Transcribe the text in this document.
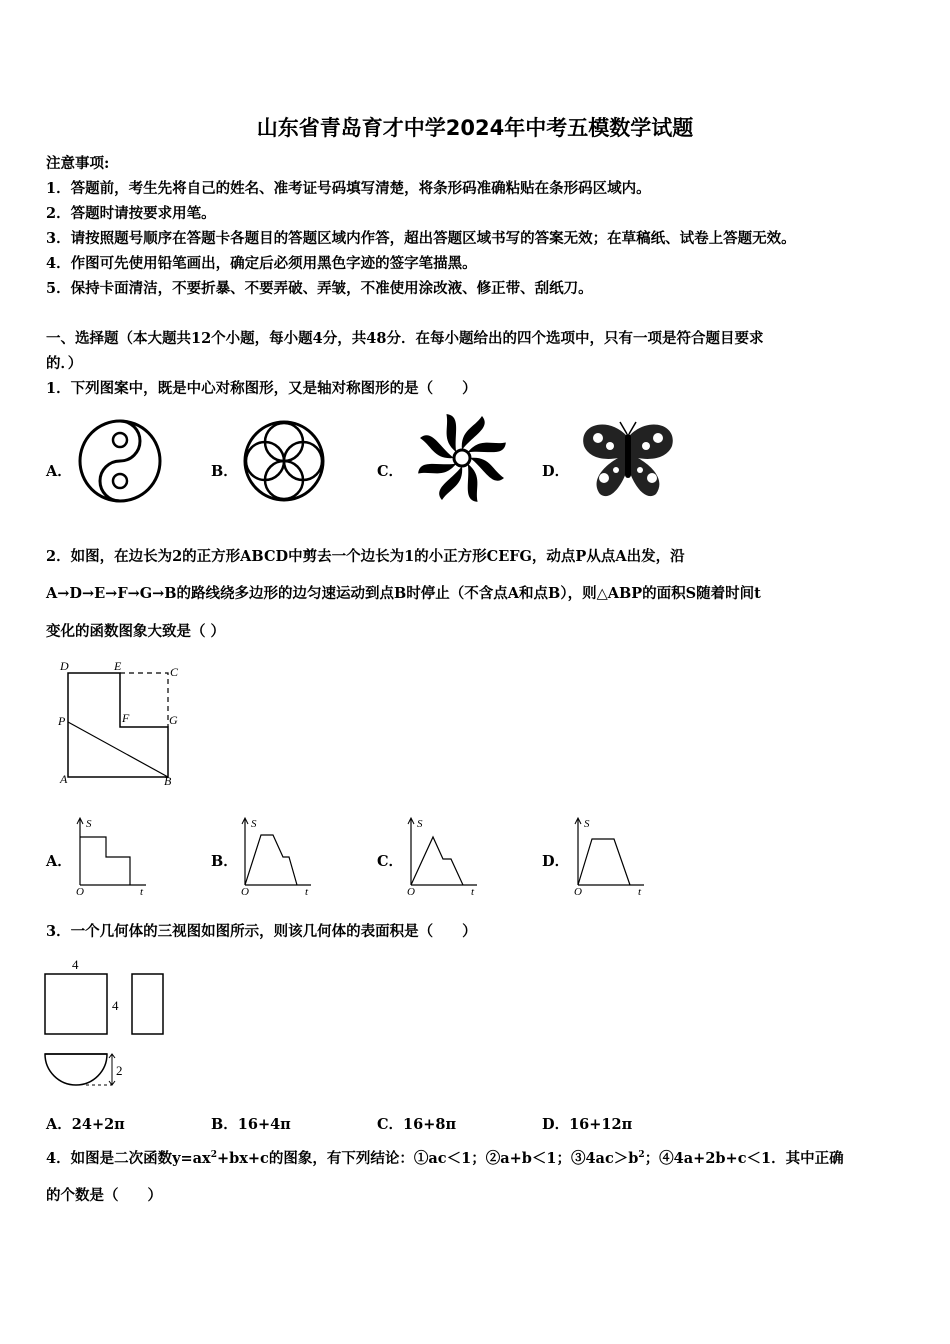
山东省青岛育才中学2024年中考五模数学试题
注意事项:
1．答题前，考生先将自己的姓名、准考证号码填写清楚，将条形码准确粘贴在条形码区域内。
2．答题时请按要求用笔。
3．请按照题号顺序在答题卡各题目的答题区域内作答，超出答题区域书写的答案无效；在草稿纸、试卷上答题无效。
4．作图可先使用铅笔画出，确定后必须用黑色字迹的签字笔描黑。
5．保持卡面清洁，不要折暴、不要弄破、弄皱，不准使用涂改液、修正带、刮纸刀。
一、选择题（本大题共12个小题，每小题4分，共48分．在每小题给出的四个选项中，只有一项是符合题目要求
的．）
1．下列图案中，既是中心对称图形，又是轴对称图形的是（　　）
A．	B．	C．	D．
2．如图，在边长为2的正方形ABCD中剪去一个边长为1的小正方形CEFG，动点P从点A出发，沿
A→D→E→F→G→B的路线绕多边形的边匀速运动到点B时停止（不含点A和点B），则△ABP的面积S随着时间t
变化的函数图象大致是（ ）
D	E	C
P	F	G
A	B
A．
S
O	t
B．
S
O	t
C．
S
O	t
D．
S
O	t
3．一个几何体的三视图如图所示，则该几何体的表面积是（　　）
4
4
2
A．24+2π	B．16+4π	C．16+8π	D．16+12π
4．如图是二次函数$y=ax^2+bx+c$的图象，有下列结论：①ac＜1；②a+b＜1；$③4ac>b^2$；④4a+2b+c＜1．其中正确
的个数是（　　）
